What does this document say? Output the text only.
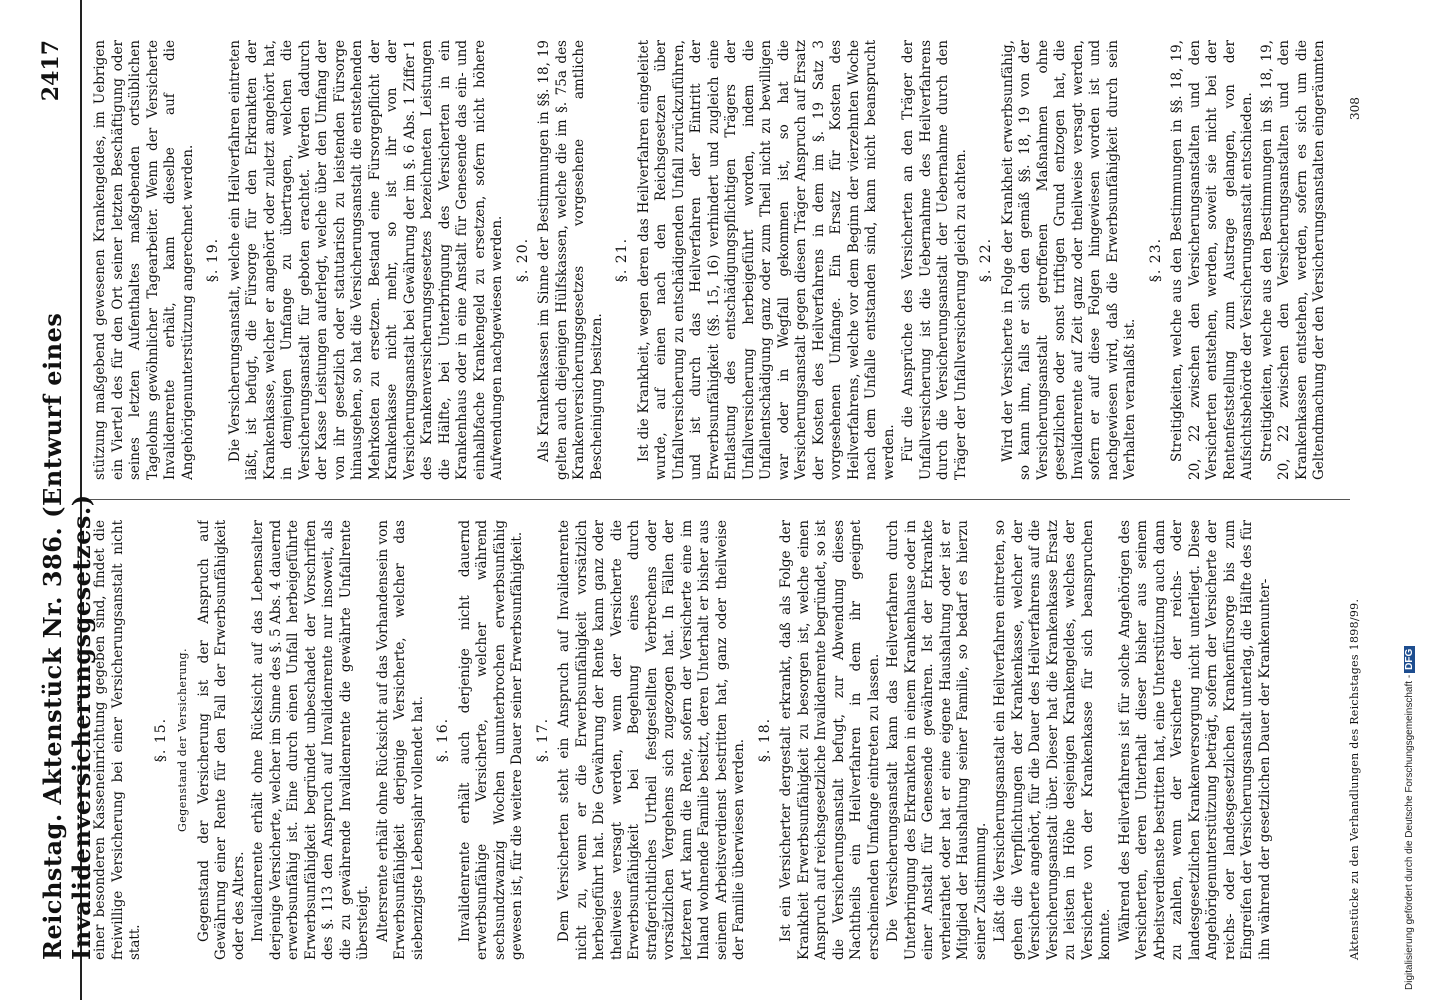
Reichstag. Aktenstück Nr. 386. (Entwurf eines Invalidenversicherungsgesetzes.)
2417
einer besonderen Kasseneinrichtung gegeben sind, findet die freiwillige Versicherung bei einer Versicherungsanstalt nicht statt.
§. 15. Gegenstand der Versicherung. Gegenstand der Versicherung ist der Anspruch auf Gewährung einer Rente für den Fall der Erwerbsunfähigkeit oder des Alters. Invalidenrente erhält ohne Rücksicht auf das Lebensalter derjenige Versicherte, welcher im Sinne des §. 5 Abs. 4 dauernd erwerbsunfähig ist. Eine durch einen Unfall herbeigeführte Erwerbsunfähigkeit begründet unbeschadet der Vorschriften des §. 113 den Anspruch auf Invalidenrente nur insoweit, als die zu gewährende Invalidenrente die gewährte Unfallrente übersteigt. Altersrente erhält ohne Rücksicht auf das Vorhandensein von Erwerbsunfähigkeit derjenige Versicherte, welcher das siebenzigste Lebensjahr vollendet hat. §. 16. Invalidenrente erhält auch derjenige nicht dauernd erwerbsunfähige Versicherte, welcher während sechsundzwanzig Wochen ununterbrochen erwerbsunfähig gewesen ist, für die weitere Dauer seiner Erwerbsunfähigkeit. §. 17. Dem Versicherten steht ein Anspruch auf Invalidenrente nicht zu, wenn er die Erwerbsunfähigkeit vorsätzlich herbeigeführt hat. Die Gewährung der Rente kann ganz oder theilweise versagt werden, wenn der Versicherte die Erwerbsunfähigkeit bei Begehung eines durch strafgerichtliches Urtheil festgestellten Verbrechens oder vorsätzlichen Vergehens sich zugezogen hat. In Fällen der letzteren Art kann die Rente, sofern der Versicherte eine im Inland wohnende Familie besitzt, deren Unterhalt er bisher aus seinem Arbeitsverdienst bestritten hat, ganz oder theilweise der Familie überwiesen werden. §. 18. Ist ein Versicherter dergestalt erkrankt, daß als Folge der Krankheit Erwerbsunfähigkeit zu besorgen ist, welche einen Anspruch auf reichsgesetzliche Invalidenrente begründet, so ist die Versicherungsanstalt befugt, zur Abwendung dieses Nachtheils ein Heilverfahren in dem ihr geeignet erscheinenden Umfange eintreten zu lassen. Die Versicherungsanstalt kann das Heilverfahren durch Unterbringung des Erkrankten in einem Krankenhause oder in einer Anstalt für Genesende gewähren. Ist der Erkrankte verheirathet oder hat er eine eigene Haushaltung oder ist er Mitglied der Haushaltung seiner Familie, so bedarf es hierzu seiner Zustimmung. Läßt die Versicherungsanstalt ein Heilverfahren eintreten, so gehen die Verpflichtungen der Krankenkasse, welcher der Versicherte angehört, für die Dauer des Heilverfahrens auf die Versicherungsanstalt über. Dieser hat die Krankenkasse Ersatz zu leisten in Höhe desjenigen Krankengeldes, welches der Versicherte von der Krankenkasse für sich beanspruchen konnte. Während des Heilverfahrens ist für solche Angehörigen des Versicherten, deren Unterhalt dieser bisher aus seinem Arbeitsverdienste bestritten hat, eine Unterstützung auch dann zu zahlen, wenn der Versicherte der reichs- oder landesgesetzlichen Krankenversorgung nicht unterliegt. Diese Angehörigenunterstützung beträgt, sofern der Versicherte der reichs- oder landesgesetzlichen Krankenfürsorge bis zum Eingreifen der Versicherungsanstalt unterlag, die Hälfte des für ihn während der gesetzlichen Dauer der Krankenunter-
stützung maßgebend gewesenen Krankengeldes, im Uebrigen ein Viertel des für den Ort seiner letzten Beschäftigung oder seines letzten Aufenthaltes maßgebenden ortsüblichen Tagelohns gewöhnlicher Tagearbeiter. Wenn der Versicherte Invalidenrente erhält, kann dieselbe auf die Angehörigenunterstützung angerechnet werden. §. 19. Die Versicherungsanstalt, welche ein Heilverfahren eintreten läßt, ist befugt, die Fürsorge für den Erkrankten der Krankenkasse, welcher er angehört oder zuletzt angehört hat, in demjenigen Umfange zu übertragen, welchen die Versicherungsanstalt für geboten erachtet. Werden dadurch der Kasse Leistungen auferlegt, welche über den Umfang der von ihr gesetzlich oder statutarisch zu leistenden Fürsorge hinausgehen, so hat die Versicherungsanstalt die entstehenden Mehrkosten zu ersetzen. Bestand eine Fürsorgepflicht der Krankenkasse nicht mehr, so ist ihr von der Versicherungsanstalt bei Gewährung der im §. 6 Abs. 1 Ziffer 1 des Krankenversicherungsgesetzes bezeichneten Leistungen die Hälfte, bei Unterbringung des Versicherten in ein Krankenhaus oder in eine Anstalt für Genesende das ein- und einhalbfache Krankengeld zu ersetzen, sofern nicht höhere Aufwendungen nachgewiesen werden. §. 20. Als Krankenkassen im Sinne der Bestimmungen in §§. 18, 19 gelten auch diejenigen Hülfskassen, welche die im §. 75a des Krankenversicherungsgesetzes vorgesehene amtliche Bescheinigung besitzen.
§. 21. Ist die Krankheit, wegen deren das Heilverfahren eingeleitet wurde, auf einen nach den Reichsgesetzen über Unfallversicherung zu entschädigenden Unfall zurückzuführen, und ist durch das Heilverfahren der Eintritt der Erwerbsunfähigkeit (§§. 15, 16) verhindert und zugleich eine Entlastung des entschädigungspflichtigen Trägers der Unfallversicherung herbeigeführt worden, indem die Unfallentschädigung ganz oder zum Theil nicht zu bewilligen war oder in Wegfall gekommen ist, so hat die Versicherungsanstalt gegen diesen Träger Anspruch auf Ersatz der Kosten des Heilverfahrens in dem im §. 19 Satz 3 vorgesehenen Umfange. Ein Ersatz für Kosten des Heilverfahrens, welche vor dem Beginn der vierzehnten Woche nach dem Unfalle entstanden sind, kann nicht beansprucht werden. Für die Ansprüche des Versicherten an den Träger der Unfallversicherung ist die Uebernahme des Heilverfahrens durch die Versicherungsanstalt der Uebernahme durch den Träger der Unfallversicherung gleich zu achten. §. 22. Wird der Versicherte in Folge der Krankheit erwerbsunfähig, so kann ihm, falls er sich den gemäß §§. 18, 19 von der Versicherungsanstalt getroffenen Maßnahmen ohne gesetzlichen oder sonst triftigen Grund entzogen hat, die Invalidenrente auf Zeit ganz oder theilweise versagt werden, sofern er auf diese Folgen hingewiesen worden ist und nachgewiesen wird, daß die Erwerbsunfähigkeit durch sein Verhalten veranlaßt ist.
§. 23. Streitigkeiten, welche aus den Bestimmungen in §§. 18, 19, 20, 22 zwischen den Versicherungsanstalten und den Versicherten entstehen, werden, soweit sie nicht bei der Rentenfeststellung zum Austrage gelangen, von der Aufsichtsbehörde der Versicherungsanstalt entschieden. Streitigkeiten, welche aus den Bestimmungen in §§. 18, 19, 20, 22 zwischen den Versicherungsanstalten und den Krankenkassen entstehen, werden, sofern es sich um die Geltendmachung der den Versicherungsanstalten eingeräumten
Aktenstücke zu den Verhandlungen des Reichstages 1898/99.
308
Digitalisierung gefördert durch die Deutsche Forschungsgemeinschaft -DFG
